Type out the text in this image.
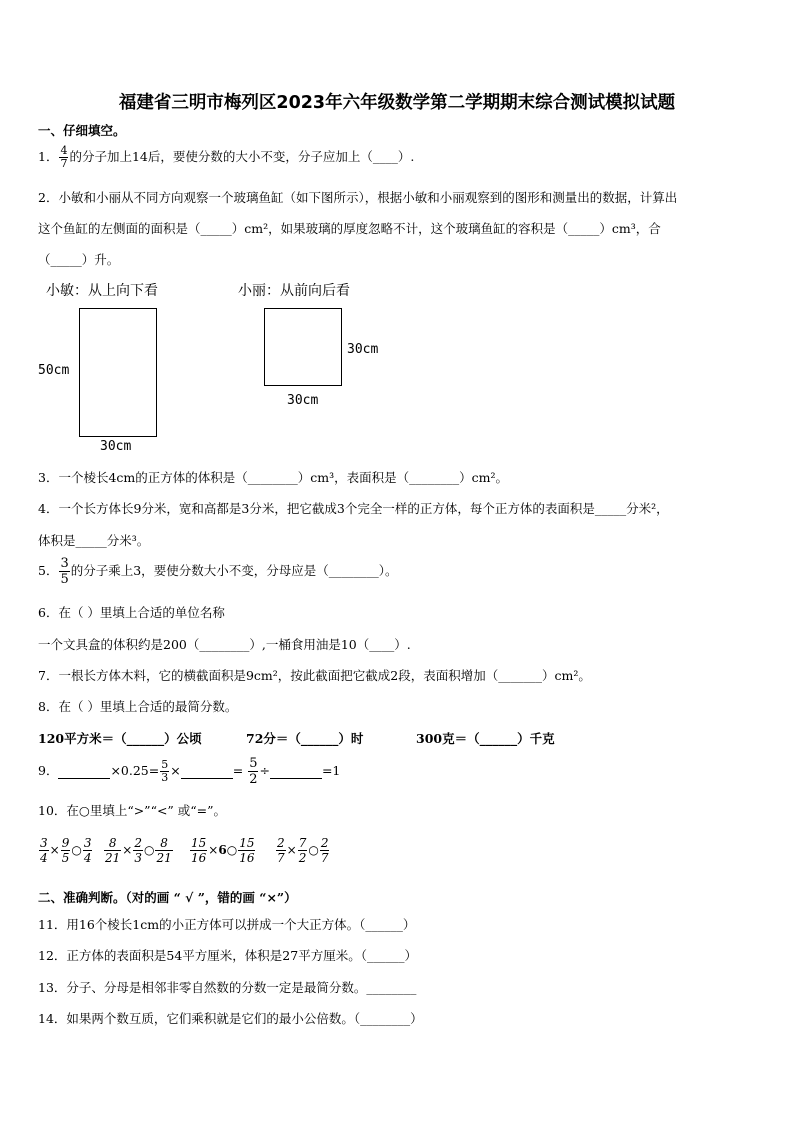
福建省三明市梅列区2023年六年级数学第二学期期末综合测试模拟试题
一、仔细填空。
1． $\frac{4}{7}$ 的分子加上14后，要使分数的大小不变，分子应加上（____）.
2．小敏和小丽从不同方向观察一个玻璃鱼缸（如下图所示），根据小敏和小丽观察到的图形和测量出的数据，计算出
这个鱼缸的左侧面的面积是（_____）cm²，如果玻璃的厚度忽略不计，这个玻璃鱼缸的容积是（_____）cm³，合
（_____）升。
小敏：从上向下看	小丽：从前向后看
50cm
30cm
30cm
30cm
3．一个棱长4cm的正方体的体积是（________）cm³，表面积是（________）cm²。
4．一个长方体长9分米，宽和高都是3分米，把它截成3个完全一样的正方体，每个正方体的表面积是_____分米²，
体积是_____分米³。
5． $\frac{3}{5}$ 的分子乘上3，要使分数大小不变，分母应是（________）。
6．在（ ）里填上合适的单位名称
一个文具盒的体积约是200（________）,一桶食用油是10（____）.
7．一根长方体木料，它的横截面积是9cm²，按此截面把它截成2段，表面积增加（_______）cm²。
8．在（ ）里填上合适的最简分数。
120平方米＝（______）公顷	72分＝（______）时	300克＝（______）千克
9．	$\times 0.25= \frac{5}{3}$ ×	= $\frac{5}{2}$ ÷	=1
10．在○里填上“>”“<” 或“=”。
$\frac{3}{4} \times \frac{9}{5}$ ○ $\frac{3}{4} \frac{8}{21} \times \frac{2}{3}$ ○ $\frac{8}{21} \frac{15}{16}$ ×6○ $\frac{15}{16} \frac{2}{7} \times \frac{7}{2}$ ○ $\frac{2}{7}$
二、准确判断。（对的画 “ √ ”，错的画 “×”）
11．用16个棱长1cm的小正方体可以拼成一个大正方体。（______）
12．正方体的表面积是54平方厘米，体积是27平方厘米。（______）
13．分子、分母是相邻非零自然数的分数一定是最简分数。________
14．如果两个数互质，它们乘积就是它们的最小公倍数。（________）
